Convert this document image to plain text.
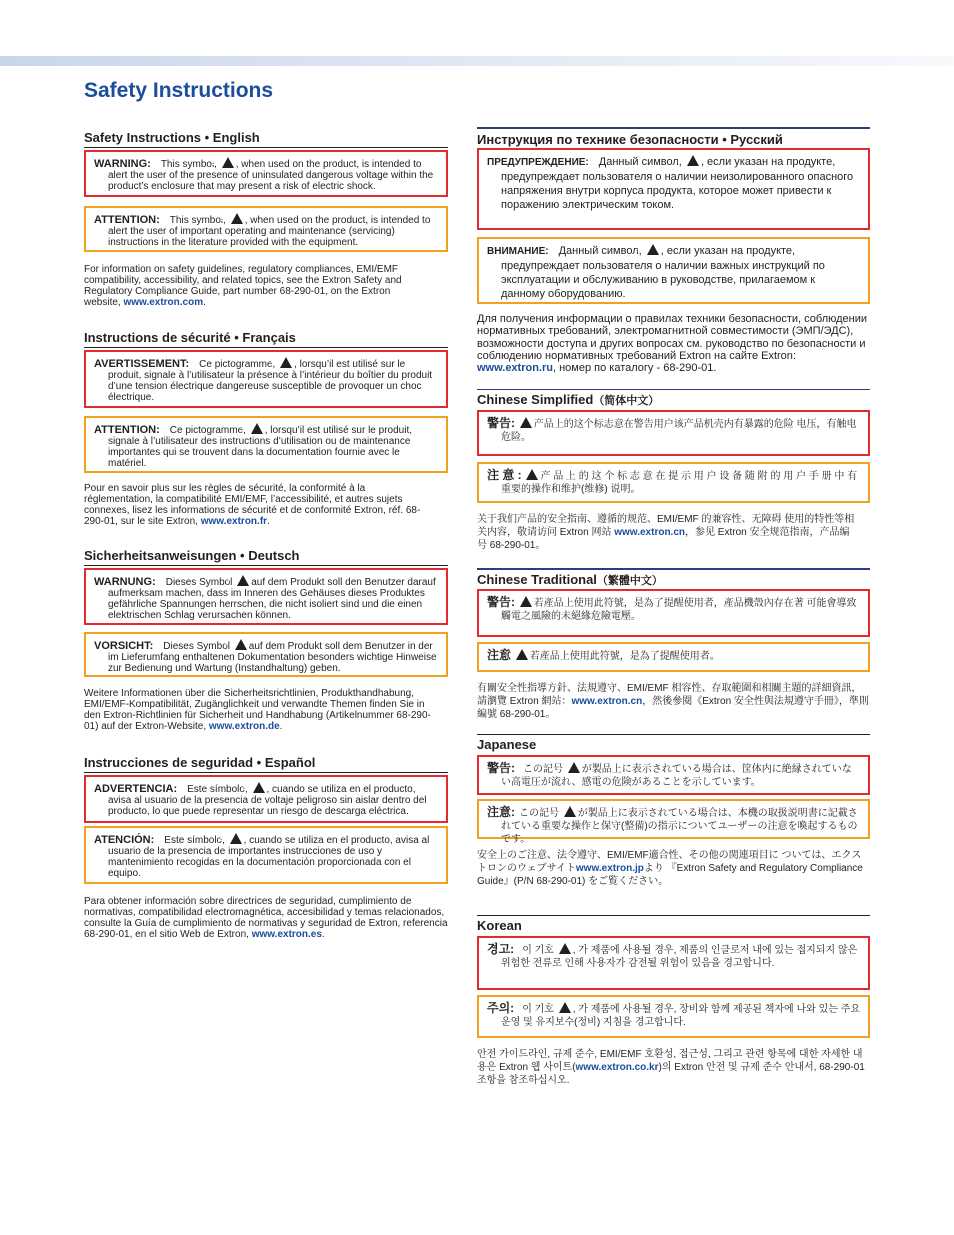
Safety Instructions
Safety Instructions • English
WARNING: This symbol, ! , when used on the product, is intended to alert the user of the presence of uninsulated dangerous voltage within the product’s enclosure that may present a risk of electric shock.
ATTENTION: This symbol, ! , when used on the product, is intended to alert the user of important operating and maintenance (servicing) instructions in the literature provided with the equipment.
For information on safety guidelines, regulatory compliances, EMI/EMF compatibility, accessibility, and related topics, see the Extron Safety and Regulatory Compliance Guide, part number 68-290-01, on the Extron website, www.extron.com.
Instructions de sécurité • Français
AVERTISSEMENT: Ce pictogramme, ! , lorsqu’il est utilisé sur le produit, signale à l’utilisateur la présence à l’intérieur du boîtier du produit d’une tension électrique dangereuse susceptible de provoquer un choc électrique.
ATTENTION: Ce pictogramme, ! , lorsqu’il est utilisé sur le produit, signale à l’utilisateur des instructions d’utilisation ou de maintenance importantes qui se trouvent dans la documentation fournie avec le matériel.
Pour en savoir plus sur les règles de sécurité, la conformité à la réglementation, la compatibilité EMI/EMF, l’accessibilité, et autres sujets connexes, lisez les informations de sécurité et de conformité Extron, réf. 68-290-01, sur le site Extron, www.extron.fr.
Sicherheitsanweisungen • Deutsch
WARNUNG: Dieses Symbol ! auf dem Produkt soll den Benutzer darauf aufmerksam machen, dass im Inneren des Gehäuses dieses Produktes gefährliche Spannungen herrschen, die nicht isoliert sind und die einen elektrischen Schlag verursachen können.
VORSICHT: Dieses Symbol ! auf dem Produkt soll dem Benutzer in der im Lieferumfang enthaltenen Dokumentation besonders wichtige Hinweise zur Bedienung und Wartung (Instandhaltung) geben.
Weitere Informationen über die Sicherheitsrichtlinien, Produkthandhabung, EMI/EMF-Kompatibilität, Zugänglichkeit und verwandte Themen finden Sie in den Extron-Richtlinien für Sicherheit und Handhabung (Artikelnummer 68-290-01) auf der Extron-Website, www.extron.de.
Instrucciones de seguridad • Español
ADVERTENCIA: Este símbolo, ! , cuando se utiliza en el producto, avisa al usuario de la presencia de voltaje peligroso sin aislar dentro del producto, lo que puede representar un riesgo de descarga eléctrica.
ATENCIÓN: Este símbolo, ! , cuando se utiliza en el producto, avisa al usuario de la presencia de importantes instrucciones de uso y mantenimiento recogidas en la documentación proporcionada con el equipo.
Para obtener información sobre directrices de seguridad, cumplimiento de normativas, compatibilidad electromagnética, accesibilidad y temas relacionados, consulte la Guía de cumplimiento de normativas y seguridad de Extron, referencia 68-290-01, en el sitio Web de Extron, www.extron.es.
Инструкция по технике безопасности • Русский
ПРЕДУПРЕЖДЕНИЕ: Данный символ, ! , если указан на продукте, предупреждает пользователя о наличии неизолированного опасного напряжения внутри корпуса продукта, которое может привести к поражению электрическим током.
ВНИМАНИЕ: Данный символ, ! , если указан на продукте, предупреждает пользователя о наличии важных инструкций по эксплуатации и обслуживанию в руководстве, прилагаемом к данному оборудованию.
Для получения информации о правилах техники безопасности, соблюдении нормативных требований, электромагнитной совместимости (ЭМП/ЭДС), возможности доступа и других вопросах см. руководство по безопасности и соблюдению нормативных требований Extron на сайте Extron: www.extron.ru, номер по каталогу - 68-290-01.
Chinese Simplified（简体中文）
警告: ! 产品上的这个标志意在警告用户该产品机壳内有暴露的危险 电压，有触电危险。
注 意 : ! 产 品 上 的 这 个 标 志 意 在 提 示 用 户 设 备 随 附 的 用 户 手 册 中 有 重要的操作和维护(维修) 说明。
关于我们产品的安全指南、遵循的规范、EMI/EMF 的兼容性、无障碍 使用的特性等相关内容，敬请访问 Extron 网站 www.extron.cn，参见 Extron 安全规范指南，产品编号 68-290-01。
Chinese Traditional（繁體中文）
警告: ! 若產品上使用此符號，是為了提醒使用者，產品機殼內存在著 可能會導致觸電之風險的未絕緣危險電壓。
注意 ! 若產品上使用此符號，是為了提醒使用者。
有關安全性指導方針、法規遵守、EMI/EMF 相容性、存取範圍和相關主題的詳細資訊，請瀏覽 Extron 網站：www.extron.cn，然後參閱《Extron 安全性與法規遵守手冊》，準則編號 68-290-01。
Japanese
警告: この記号 ! が製品上に表示されている場合は、筐体内に絶縁されていない高電圧が流れ、感電の危険があることを示しています。
注意: この記号 ! が製品上に表示されている場合は、本機の取扱説明書に記載されている重要な操作と保守(整備)の指示についてユーザーの注意を喚起するものです。
安全上のご注意、法令遵守、EMI/EMF適合性、その他の関連項目に ついては、エクストロンのウェブサイトwww.extron.jpより 『Extron Safety and Regulatory Compliance Guide』(P/N 68-290-01) をご覧ください。
Korean
경고: 이 기호 ! , 가 제품에 사용될 경우, 제품의 인클로저 내에 있는 접지되지 않은 위험한 전류로 인해 사용자가 감전될 위험이 있음을 경고합니다.
주의: 이 기호 ! , 가 제품에 사용될 경우, 장비와 함께 제공된 책자에 나와 있는 주요 운영 및 유지보수(정비) 지침을 경고합니다.
안전 가이드라인, 규제 준수, EMI/EMF 호환성, 접근성, 그리고 관련 항목에 대한 자세한 내용은 Extron 웹 사이트(www.extron.co.kr)의 Extron 안전 및 규제 준수 안내서, 68-290-01 조항을 참조하십시오.
